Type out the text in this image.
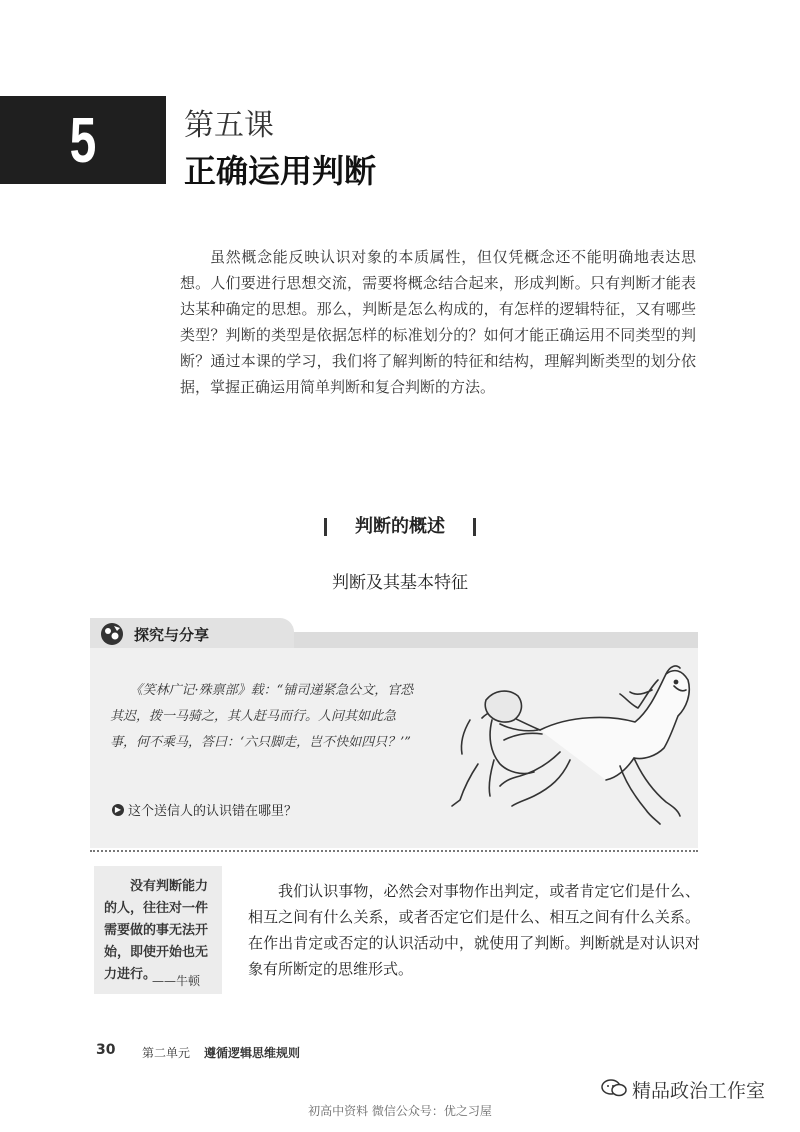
5	第五课
正确运用判断
虽然概念能反映认识对象的本质属性，但仅凭概念还不能明确地表达思想。人们要进行思想交流，需要将概念结合起来，形成判断。只有判断才能表达某种确定的思想。那么，判断是怎么构成的，有怎样的逻辑特征，又有哪些类型？判断的类型是依据怎样的标准划分的？如何才能正确运用不同类型的判断？通过本课的学习，我们将了解判断的特征和结构，理解判断类型的划分依据，掌握正确运用简单判断和复合判断的方法。
判断的概述
判断及其基本特征
探究与分享
《笑林广记·殊禀部》载：“铺司递紧急公文，官恐其迟，拨一马骑之，其人赶马而行。人问其如此急事，何不乘马，答曰：‘六只脚走，岂不快如四只？’”
▶ 这个送信人的认识错在哪里？
没有判断能力的人，往往对一件需要做的事无法开始，即使开始也无力进行。
——牛顿
我们认识事物，必然会对事物作出判定，或者肯定它们是什么、相互之间有什么关系，或者否定它们是什么、相互之间有什么关系。在作出肯定或否定的认识活动中，就使用了判断。判断就是对认识对象有所断定的思维形式。
30 第二单元 遵循逻辑思维规则
精品政治工作室
初高中资料 微信公众号：优之习屋
